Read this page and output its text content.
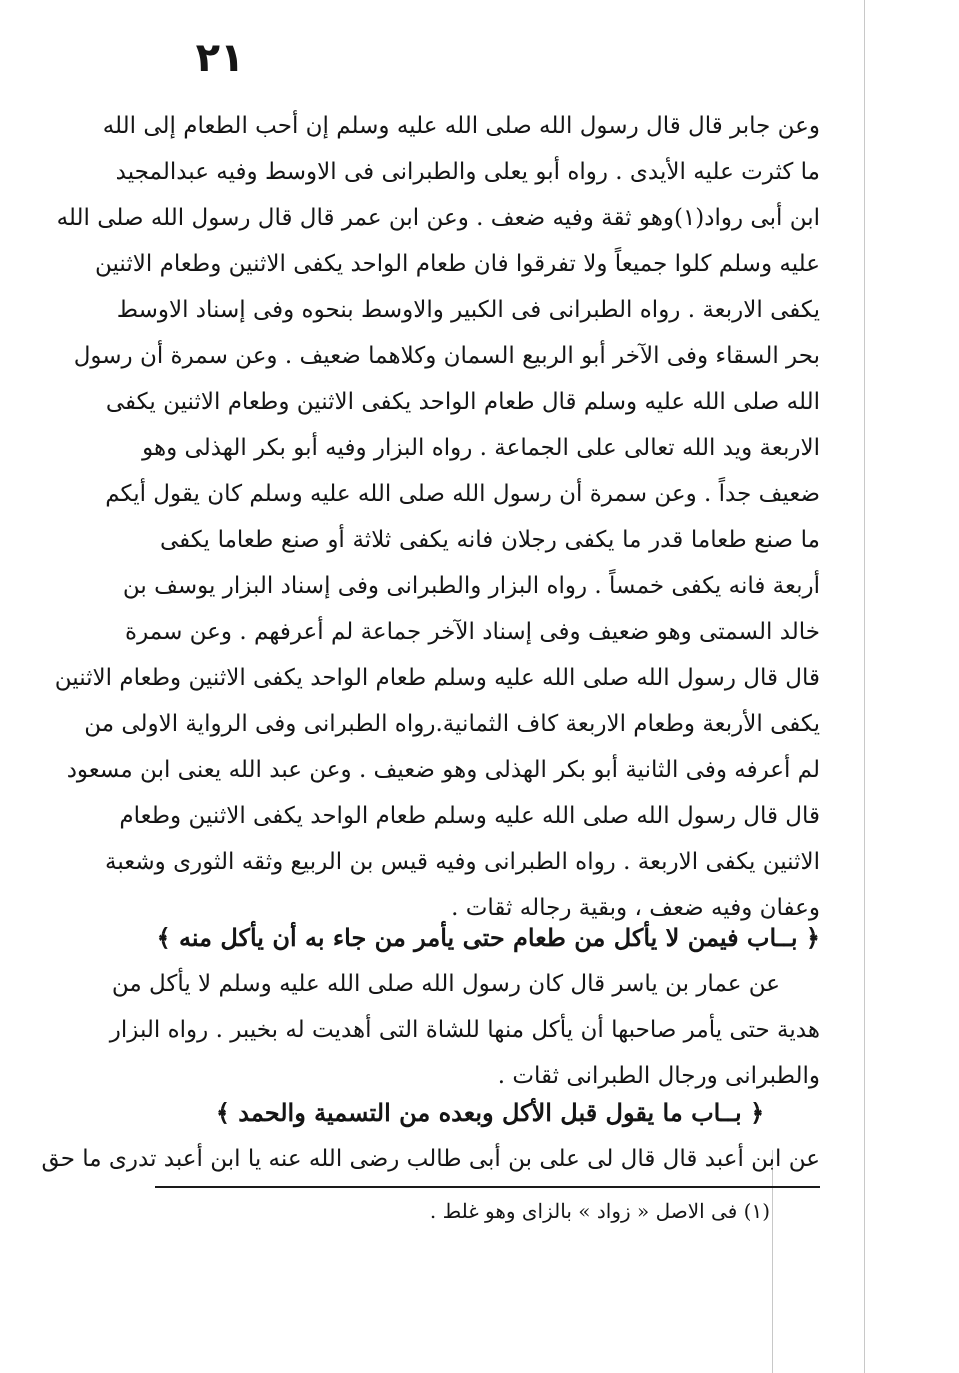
٢١
وعن جابر قال قال رسول الله صلى الله عليه وسلم إن أحب الطعام إلى الله
ما كثرت عليه الأيدى . رواه أبو يعلى والطبرانى فى الاوسط وفيه عبدالمجيد
ابن أبى رواد(١)وهو ثقة وفيه ضعف . وعن ابن عمر قال قال رسول الله صلى الله
عليه وسلم كلوا جميعاً ولا تفرقوا فان طعام الواحد يكفى الاثنين وطعام الاثنين
يكفى الاربعة . رواه الطبرانى فى الكبير والاوسط بنحوه وفى إسناد الاوسط
بحر السقاء وفى الآخر أبو الربيع السمان وكلاهما ضعيف . وعن سمرة أن رسول
الله صلى الله عليه وسلم قال طعام الواحد يكفى الاثنين وطعام الاثنين يكفى
الاربعة ويد الله تعالى على الجماعة . رواه البزار وفيه أبو بكر الهذلى وهو
ضعيف جداً . وعن سمرة أن رسول الله صلى الله عليه وسلم كان يقول أيكم
ما صنع طعاما قدر ما يكفى رجلان فانه يكفى ثلاثة أو صنع طعاما يكفى
أربعة فانه يكفى خمساً . رواه البزار والطبرانى وفى إسناد البزار يوسف بن
خالد السمتى وهو ضعيف وفى إسناد الآخر جماعة لم أعرفهم . وعن سمرة
قال قال رسول الله صلى الله عليه وسلم طعام الواحد يكفى الاثنين وطعام الاثنين
يكفى الأربعة وطعام الاربعة كاف الثمانية.رواه الطبرانى وفى الرواية الاولى من
لم أعرفه وفى الثانية أبو بكر الهذلى وهو ضعيف . وعن عبد الله يعنى ابن مسعود
قال قال رسول الله صلى الله عليه وسلم طعام الواحد يكفى الاثنين وطعام
الاثنين يكفى الاربعة . رواه الطبرانى وفيه قيس بن الربيع وثقه الثورى وشعبة
وعفان وفيه ضعف ، وبقية رجاله ثقات .
﴿ بــاب فيمن لا يأكل من طعام حتى يأمر من جاء به أن يأكل منه ﴾
عن عمار بن ياسر قال كان رسول الله صلى الله عليه وسلم لا يأكل من
هدية حتى يأمر صاحبها أن يأكل منها للشاة التى أهديت له بخيبر . رواه البزار
والطبرانى ورجال الطبرانى ثقات .
﴿ بــاب ما يقول قبل الأكل وبعده من التسمية والحمد ﴾
عن ابن أعبد قال قال لى على بن أبى طالب رضى الله عنه يا ابن أعبد تدرى ما حق
(١) فى الاصل « زواد » بالزاى وهو غلط .
